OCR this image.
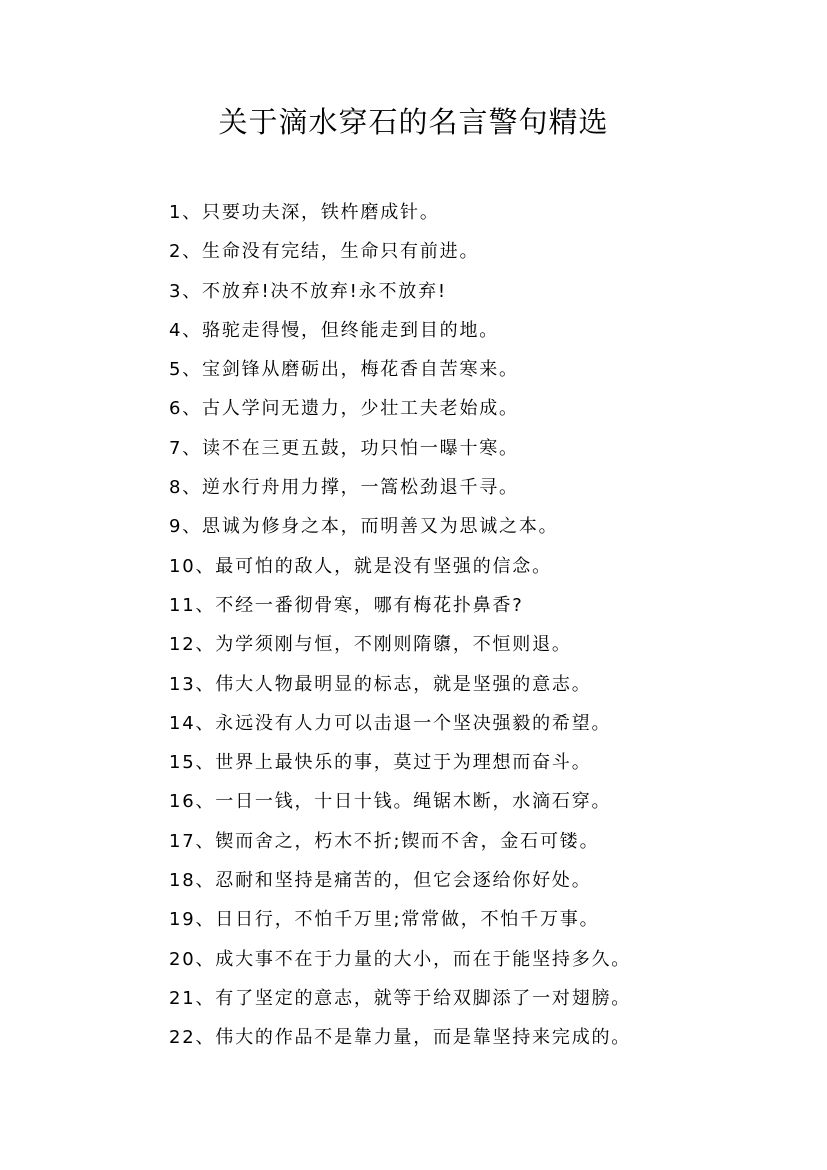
关于滴水穿石的名言警句精选
1、只要功夫深，铁杵磨成针。
2、生命没有完结，生命只有前进。
3、不放弃!决不放弃!永不放弃!
4、骆驼走得慢，但终能走到目的地。
5、宝剑锋从磨砺出，梅花香自苦寒来。
6、古人学问无遗力，少壮工夫老始成。
7、读不在三更五鼓，功只怕一曝十寒。
8、逆水行舟用力撑，一篙松劲退千寻。
9、思诚为修身之本，而明善又为思诚之本。
10、最可怕的敌人，就是没有坚强的信念。
11、不经一番彻骨寒，哪有梅花扑鼻香?
12、为学须刚与恒，不刚则隋隳，不恒则退。
13、伟大人物最明显的标志，就是坚强的意志。
14、永远没有人力可以击退一个坚决强毅的希望。
15、世界上最快乐的事，莫过于为理想而奋斗。
16、一日一钱，十日十钱。绳锯木断，水滴石穿。
17、锲而舍之，朽木不折;锲而不舍，金石可镂。
18、忍耐和坚持是痛苦的，但它会逐给你好处。
19、日日行，不怕千万里;常常做，不怕千万事。
20、成大事不在于力量的大小，而在于能坚持多久。
21、有了坚定的意志，就等于给双脚添了一对翅膀。
22、伟大的作品不是靠力量，而是靠坚持来完成的。
